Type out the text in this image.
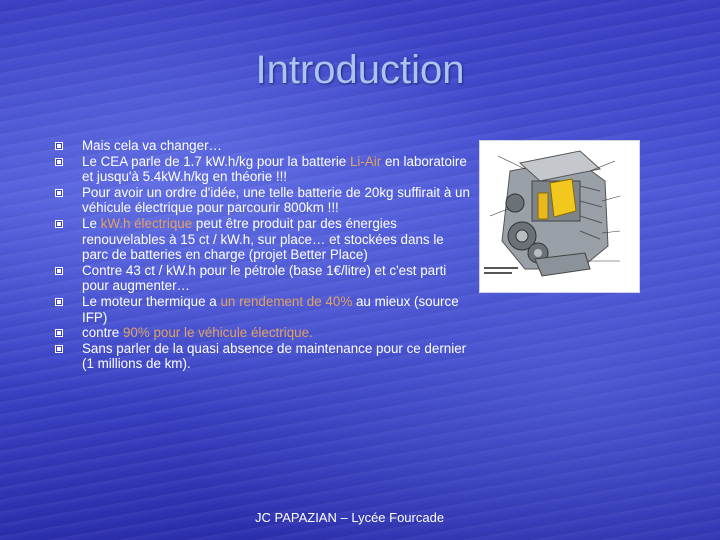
Introduction
Mais cela va changer…
Le CEA parle de 1.7 kW.h/kg pour la batterie Li-Air en laboratoire et jusqu'à 5.4kW.h/kg en théorie !!!
Pour avoir un ordre d'idée, une telle batterie de 20kg suffirait à un véhicule électrique pour parcourir 800km !!!
Le kW.h électrique peut être produit par des énergies renouvelables à 15 ct / kW.h, sur place… et stockées dans le parc de batteries en charge (projet Better Place)
Contre 43 ct / kW.h pour le pétrole (base 1€/litre) et c'est parti pour augmenter…
Le moteur thermique a un rendement de 40% au mieux (source IFP)
contre 90% pour le véhicule électrique.
Sans parler de la quasi absence de maintenance pour ce dernier (1 millions de km).
JC PAPAZIAN – Lycée Fourcade
